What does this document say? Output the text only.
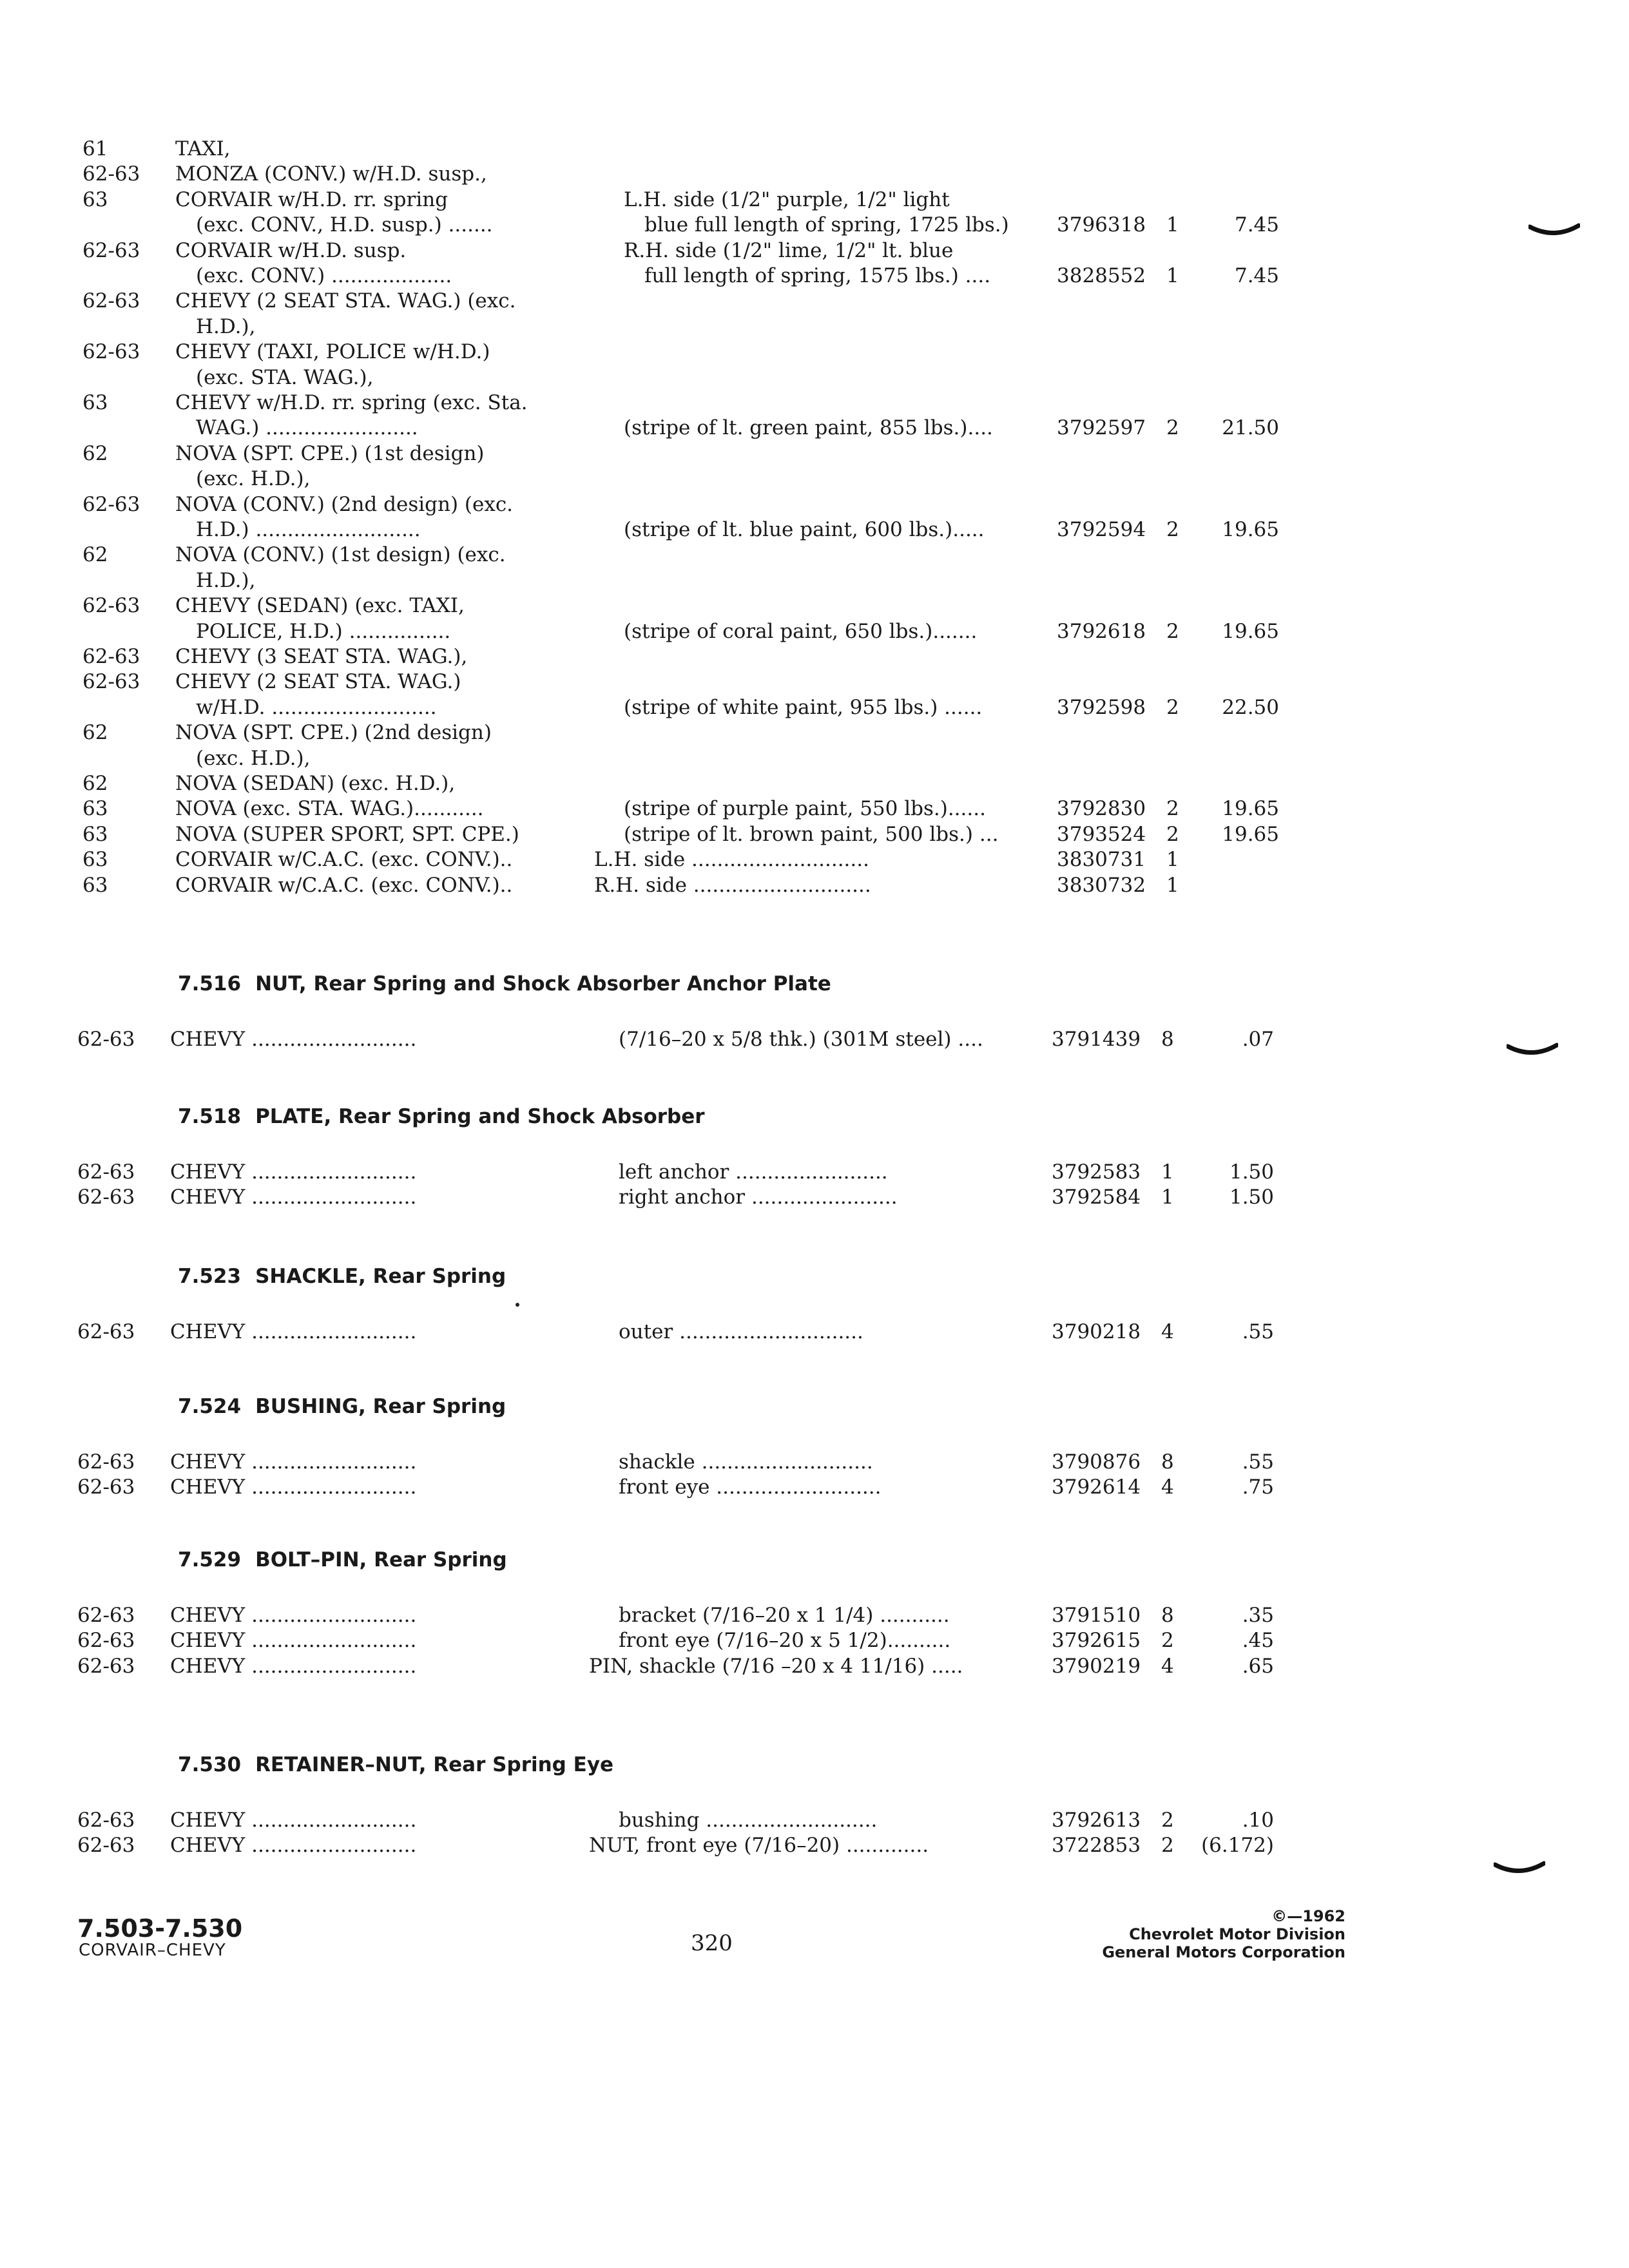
61	TAXI,
62-63 MONZA (CONV.) w/H.D. susp.,
63	CORVAIR w/H.D. rr. spring	L.H. side (1/2" purple, 1/2" light
(exc. CONV., H.D. susp.) .......	blue full length of spring, 1725 lbs.) 3796318 1	7.45
62-63 CORVAIR w/H.D. susp.	R.H. side (1/2" lime, 1/2" lt. blue
(exc. CONV.) ...................	full length of spring, 1575 lbs.) ....	3828552 1	7.45
62-63 CHEVY (2 SEAT STA. WAG.) (exc.
H.D.),
62-63 CHEVY (TAXI, POLICE w/H.D.)
(exc. STA. WAG.),
63	CHEVY w/H.D. rr. spring (exc. Sta.
WAG.) ........................	(stripe of lt. green paint, 855 lbs.)....	3792597 2	21.50
62	NOVA (SPT. CPE.) (1st design)
(exc. H.D.),
62-63 NOVA (CONV.) (2nd design) (exc.
H.D.) ..........................	(stripe of lt. blue paint, 600 lbs.).....	3792594 2	19.65
62	NOVA (CONV.) (1st design) (exc.
H.D.),
62-63 CHEVY (SEDAN) (exc. TAXI,
POLICE, H.D.) ................	(stripe of coral paint, 650 lbs.).......	3792618 2	19.65
62-63 CHEVY (3 SEAT STA. WAG.),
62-63 CHEVY (2 SEAT STA. WAG.)
w/H.D. ..........................	(stripe of white paint, 955 lbs.) ......	3792598 2	22.50
62	NOVA (SPT. CPE.) (2nd design)
(exc. H.D.),
62	NOVA (SEDAN) (exc. H.D.),
63	NOVA (exc. STA. WAG.)...........	(stripe of purple paint, 550 lbs.)......	3792830 2	19.65
63	NOVA (SUPER SPORT, SPT. CPE.)	(stripe of lt. brown paint, 500 lbs.) ...	3793524 2	19.65
63	CORVAIR w/C.A.C. (exc. CONV.)..	L.H. side ............................	3830731 1
63	CORVAIR w/C.A.C. (exc. CONV.)..	R.H. side ............................	3830732 1
7.516 NUT, Rear Spring and Shock Absorber Anchor Plate
62-63 CHEVY ..........................	(7/16–20 x 5/8 thk.) (301M steel) ....	3791439 8	.07
7.518 PLATE, Rear Spring and Shock Absorber
62-63 CHEVY ..........................	left anchor ........................	3792583 1	1.50
62-63 CHEVY ..........................	right anchor .......................	3792584 1	1.50
7.523 SHACKLE, Rear Spring
62-63 CHEVY ..........................	outer .............................	3790218 4	.55
7.524 BUSHING, Rear Spring
62-63 CHEVY ..........................	shackle ...........................	3790876 8	.55
62-63 CHEVY ..........................	front eye ..........................	3792614 4	.75
7.529 BOLT–PIN, Rear Spring
62-63 CHEVY ..........................	bracket (7/16–20 x 1 1/4) ...........	3791510 8	.35
62-63 CHEVY ..........................	front eye (7/16–20 x 5 1/2)..........	3792615 2	.45
62-63 CHEVY ..........................	PIN, shackle (7/16 –20 x 4 11/16) .....	3790219 4	.65
7.530 RETAINER–NUT, Rear Spring Eye
62-63 CHEVY ..........................	bushing ...........................	3792613 2	.10
62-63 CHEVY ..........................	NUT, front eye (7/16–20) .............	3722853 2	(6.172)
7.503-7.530
CORVAIR–CHEVY	320
©—1962
Chevrolet Motor Division
General Motors Corporation
